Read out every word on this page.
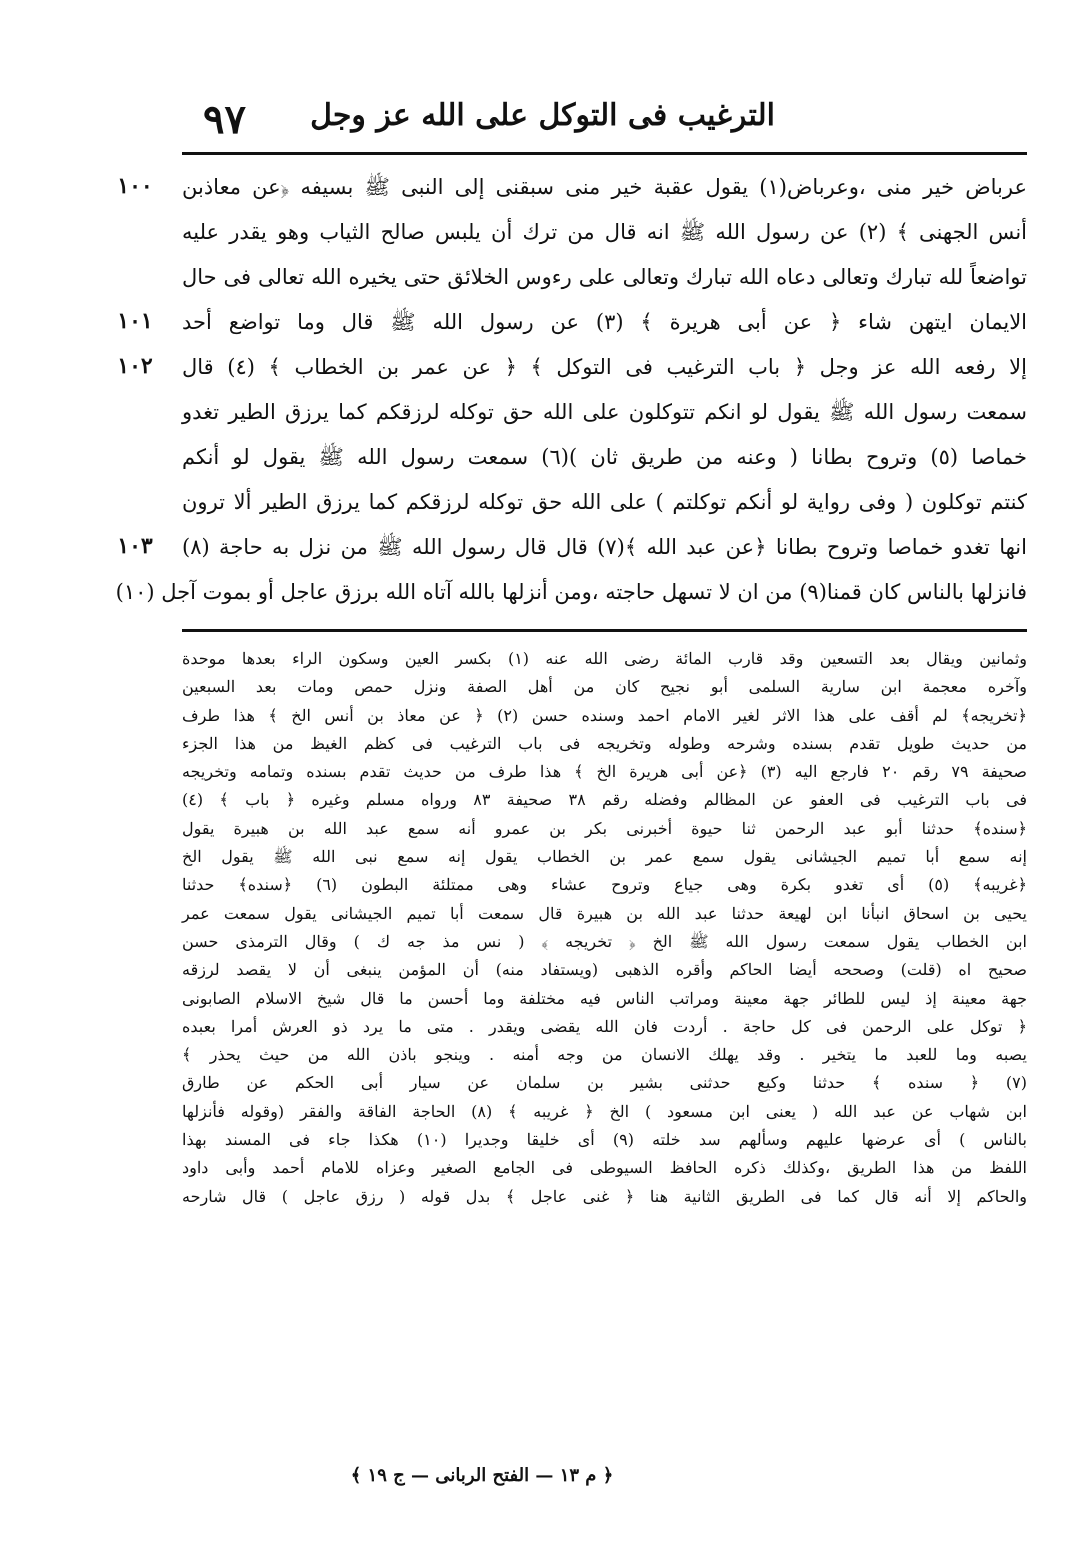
٩٧ الترغيب فى التوكل على الله عز وجل
١٠٠
١٠١
١٠٢
١٠٣
عرباض خير منى ،وعرباض(١) يقول عقبة خير منى سبقنى إلى النبى ﷺ بسيفه ﴿عن معاذبن
أنس الجهنى ﴾ (٢) عن رسول الله ﷺ انه قال من ترك أن يلبس صالح الثياب وهو يقدر عليه
تواضعاً لله تبارك وتعالى دعاه الله تبارك وتعالى على رءوس الخلائق حتى يخيره الله تعالى فى حال
الايمان ايتهن شاء ﴿ عن أبى هريرة ﴾ (٣) عن رسول الله ﷺ قال وما تواضع أحد
إلا رفعه الله عز وجل ﴿ باب الترغيب فى التوكل ﴾ ﴿ عن عمر بن الخطاب ﴾ (٤) قال
سمعت رسول الله ﷺ يقول لو انكم تتوكلون على الله حق توكله لرزقكم كما يرزق الطير تغدو
خماصا (٥) وتروح بطانا ( وعنه من طريق ثان )(٦) سمعت رسول الله ﷺ يقول لو أنكم
كنتم توكلون ( وفى رواية لو أنكم توكلتم ) على الله حق توكله لرزقكم كما يرزق الطير ألا ترون
انها تغدو خماصا وتروح بطانا ﴿عن عبد الله ﴾(٧) قال قال رسول الله ﷺ من نزل به حاجة (٨)
فانزلها بالناس كان قمنا(٩) من ان لا تسهل حاجته ،ومن أنزلها بالله آتاه الله برزق عاجل أو بموت آجل (١٠)
وثمانين ويقال بعد التسعين وقد قارب المائة رضى الله عنه (١) بكسر العين وسكون الراء بعدها موحدة
وآخره معجمة ابن سارية السلمى أبو نجيح كان من أهل الصفة ونزل حمص ومات بعد السبعين
﴿تخريجه﴾ لم أقف على هذا الاثر لغير الامام احمد وسنده حسن (٢) ﴿ عن معاذ بن أنس الخ ﴾ هذا طرف
من حديث طويل تقدم بسنده وشرحه وطوله وتخريجه فى باب الترغيب فى كظم الغيظ من هذا الجزء
صحيفة ٧٩ رقم ٢٠ فارجع اليه (٣) ﴿عن أبى هريرة الخ ﴾ هذا طرف من حديث تقدم بسنده وتمامه وتخريجه
فى باب الترغيب فى العفو عن المظالم وفضله رقم ٣٨ صحيفة ٨٣ ورواه مسلم وغيره ﴿ باب ﴾ (٤)
﴿سنده﴾ حدثنا أبو عبد الرحمن ثنا حيوة أخبرنى بكر بن عمرو أنه سمع عبد الله بن هبيرة يقول
إنه سمع أبا تميم الجيشانى يقول سمع عمر بن الخطاب يقول إنه سمع نبى الله ﷺ يقول الخ
﴿غريبه﴾ (٥) أى تغدو بكرة وهى جياع وتروح عشاء وهى ممتلئة البطون (٦) ﴿سنده﴾ حدثنا
يحيى بن اسحاق انبأنا ابن لهيعة حدثنا عبد الله بن هبيرة قال سمعت أبا تميم الجيشانى يقول سمعت عمر
ابن الخطاب يقول سمعت رسول الله ﷺ الخ ﴿ تخريجه ﴾ ( نس مذ جه ك ) وقال الترمذى حسن
صحيح اه (قلت) وصححه أيضا الحاكم وأقره الذهبى (ويستفاد منه) أن المؤمن ينبغى أن لا يقصد لرزقه
جهة معينة إذ ليس للطائر جهة معينة ومراتب الناس فيه مختلفة وما أحسن ما قال شيخ الاسلام الصابونى
﴿ توكل على الرحمن فى كل حاجة . أردت فان الله يقضى ويقدر . متى ما يرد ذو العرش أمرا بعبده
يصبه وما للعبد ما يتخير . وقد يهلك الانسان من وجه أمنه . وينجو باذن الله من حيث يحذر ﴾
(٧) ﴿ سنده ﴾ حدثنا وكيع حدثنى بشير بن سلمان عن سيار أبى الحكم عن طارق
ابن شهاب عن عبد الله ( يعنى ابن مسعود ) الخ ﴿ غريبه ﴾ (٨) الحاجة الفاقة والفقر (وقوله فأنزلها
بالناس ) أى عرضها عليهم وسألهم سد خلته (٩) أى خليقا وجديرا (١٠) هكذا جاء فى المسند بهذا
اللفظ من هذا الطريق ،وكذلك ذكره الحافظ السيوطى فى الجامع الصغير وعزاه للامام أحمد وأبى داود
والحاكم إلا أنه قال كما فى الطريق الثانية هنا ﴿ غنى عاجل ﴾ بدل قوله ( رزق عاجل ) قال شارحه
﴿ م ١٣ — الفتح الربانى — ج ١٩ ﴾
